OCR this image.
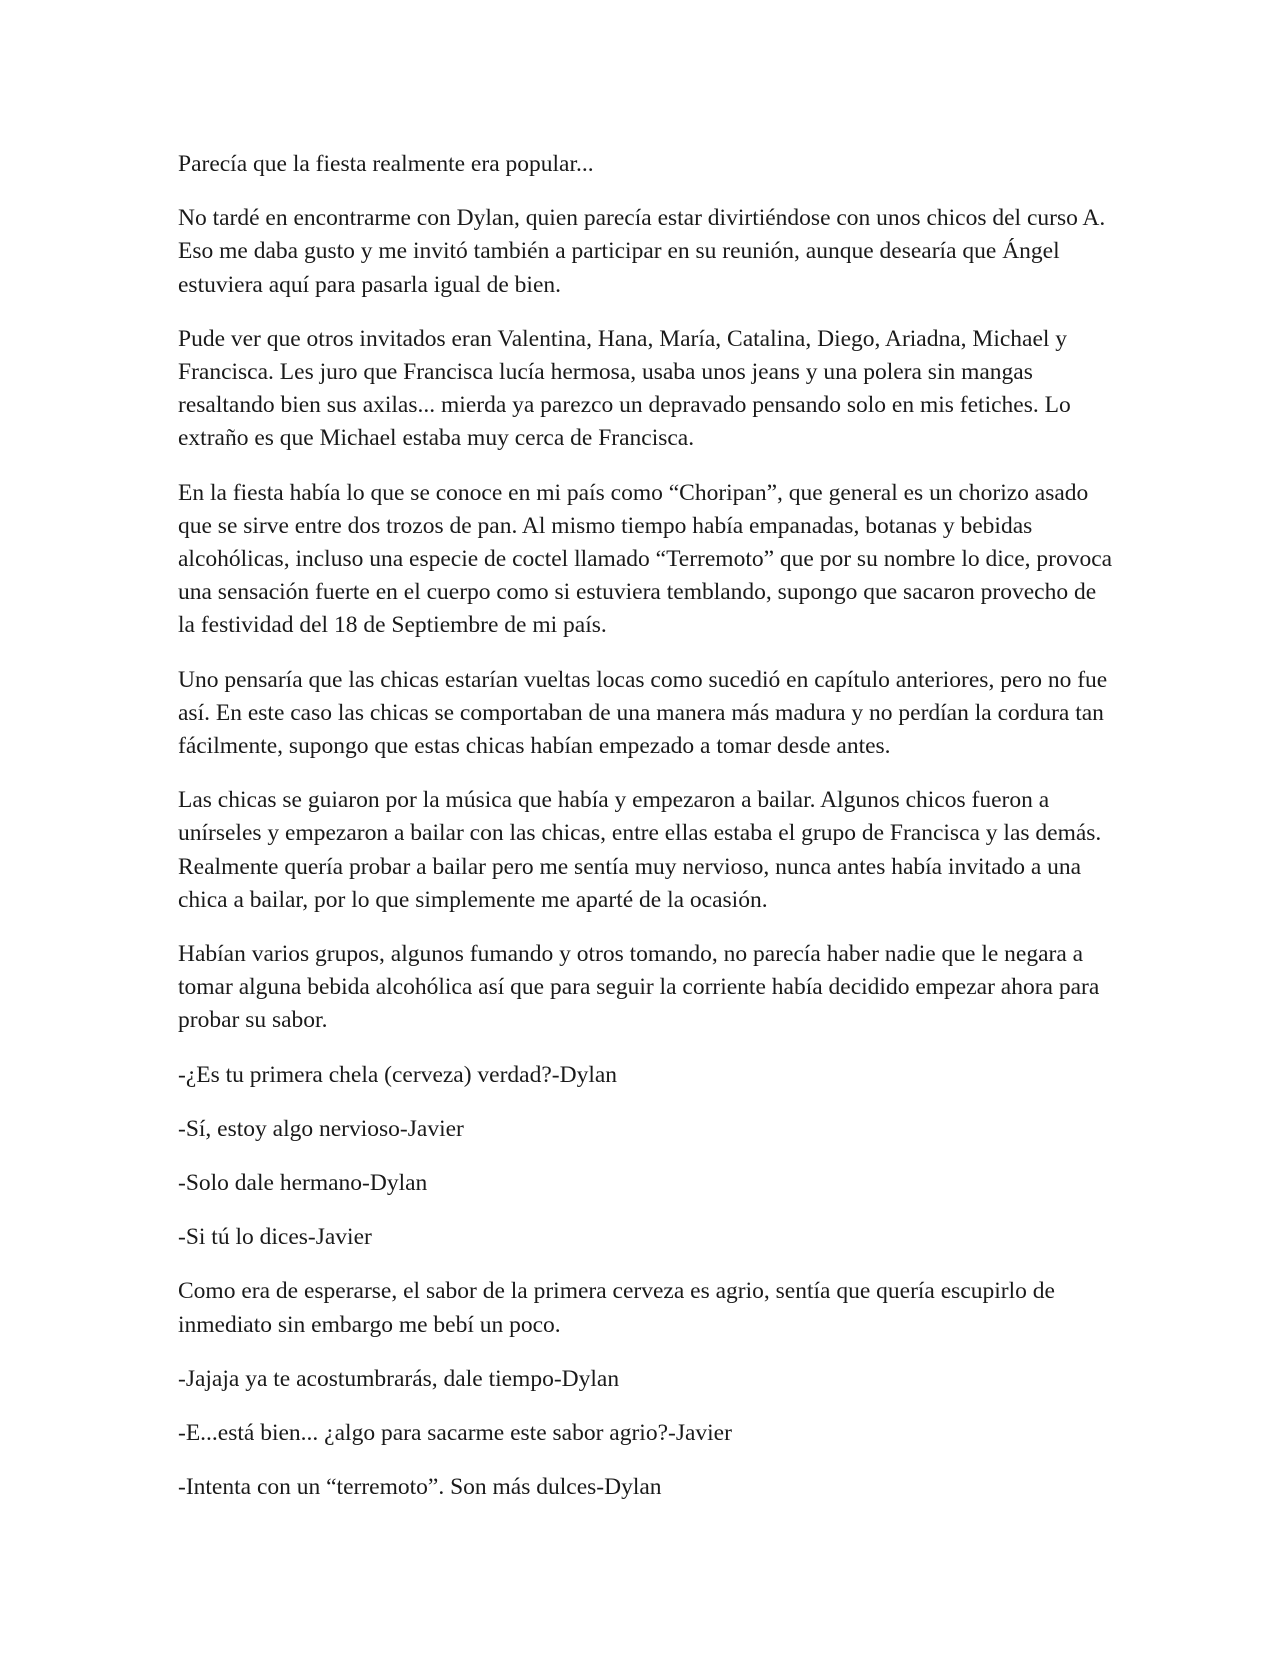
Parecía que la fiesta realmente era popular...

No tardé en encontrarme con Dylan, quien parecía estar divirtiéndose con unos chicos del curso A. Eso me daba gusto y me invitó también a participar en su reunión, aunque desearía que Ángel estuviera aquí para pasarla igual de bien.

Pude ver que otros invitados eran Valentina, Hana, María, Catalina, Diego, Ariadna, Michael y Francisca. Les juro que Francisca lucía hermosa, usaba unos jeans y una polera sin mangas resaltando bien sus axilas... mierda ya parezco un depravado pensando solo en mis fetiches. Lo extraño es que Michael estaba muy cerca de Francisca.

En la fiesta había lo que se conoce en mi país como “Choripan”, que general es un chorizo asado que se sirve entre dos trozos de pan. Al mismo tiempo había empanadas, botanas y bebidas alcohólicas, incluso una especie de coctel llamado “Terremoto” que por su nombre lo dice, provoca una sensación fuerte en el cuerpo como si estuviera temblando, supongo que sacaron provecho de la festividad del 18 de Septiembre de mi país.

Uno pensaría que las chicas estarían vueltas locas como sucedió en capítulo anteriores, pero no fue así. En este caso las chicas se comportaban de una manera más madura y no perdían la cordura tan fácilmente, supongo que estas chicas habían empezado a tomar desde antes.

Las chicas se guiaron por la música que había y empezaron a bailar. Algunos chicos fueron a unírseles y empezaron a bailar con las chicas, entre ellas estaba el grupo de Francisca y las demás. Realmente quería probar a bailar pero me sentía muy nervioso, nunca antes había invitado a una chica a bailar, por lo que simplemente me aparté de la ocasión.

Habían varios grupos, algunos fumando y otros tomando, no parecía haber nadie que le negara a tomar alguna bebida alcohólica así que para seguir la corriente había decidido empezar ahora para probar su sabor.

-¿Es tu primera chela (cerveza) verdad?-Dylan

-Sí, estoy algo nervioso-Javier

-Solo dale hermano-Dylan

-Si tú lo dices-Javier

Como era de esperarse, el sabor de la primera cerveza es agrio, sentía que quería escupirlo de inmediato sin embargo me bebí un poco.

-Jajaja ya te acostumbrarás, dale tiempo-Dylan

-E...está bien... ¿algo para sacarme este sabor agrio?-Javier

-Intenta con un “terremoto”. Son más dulces-Dylan
